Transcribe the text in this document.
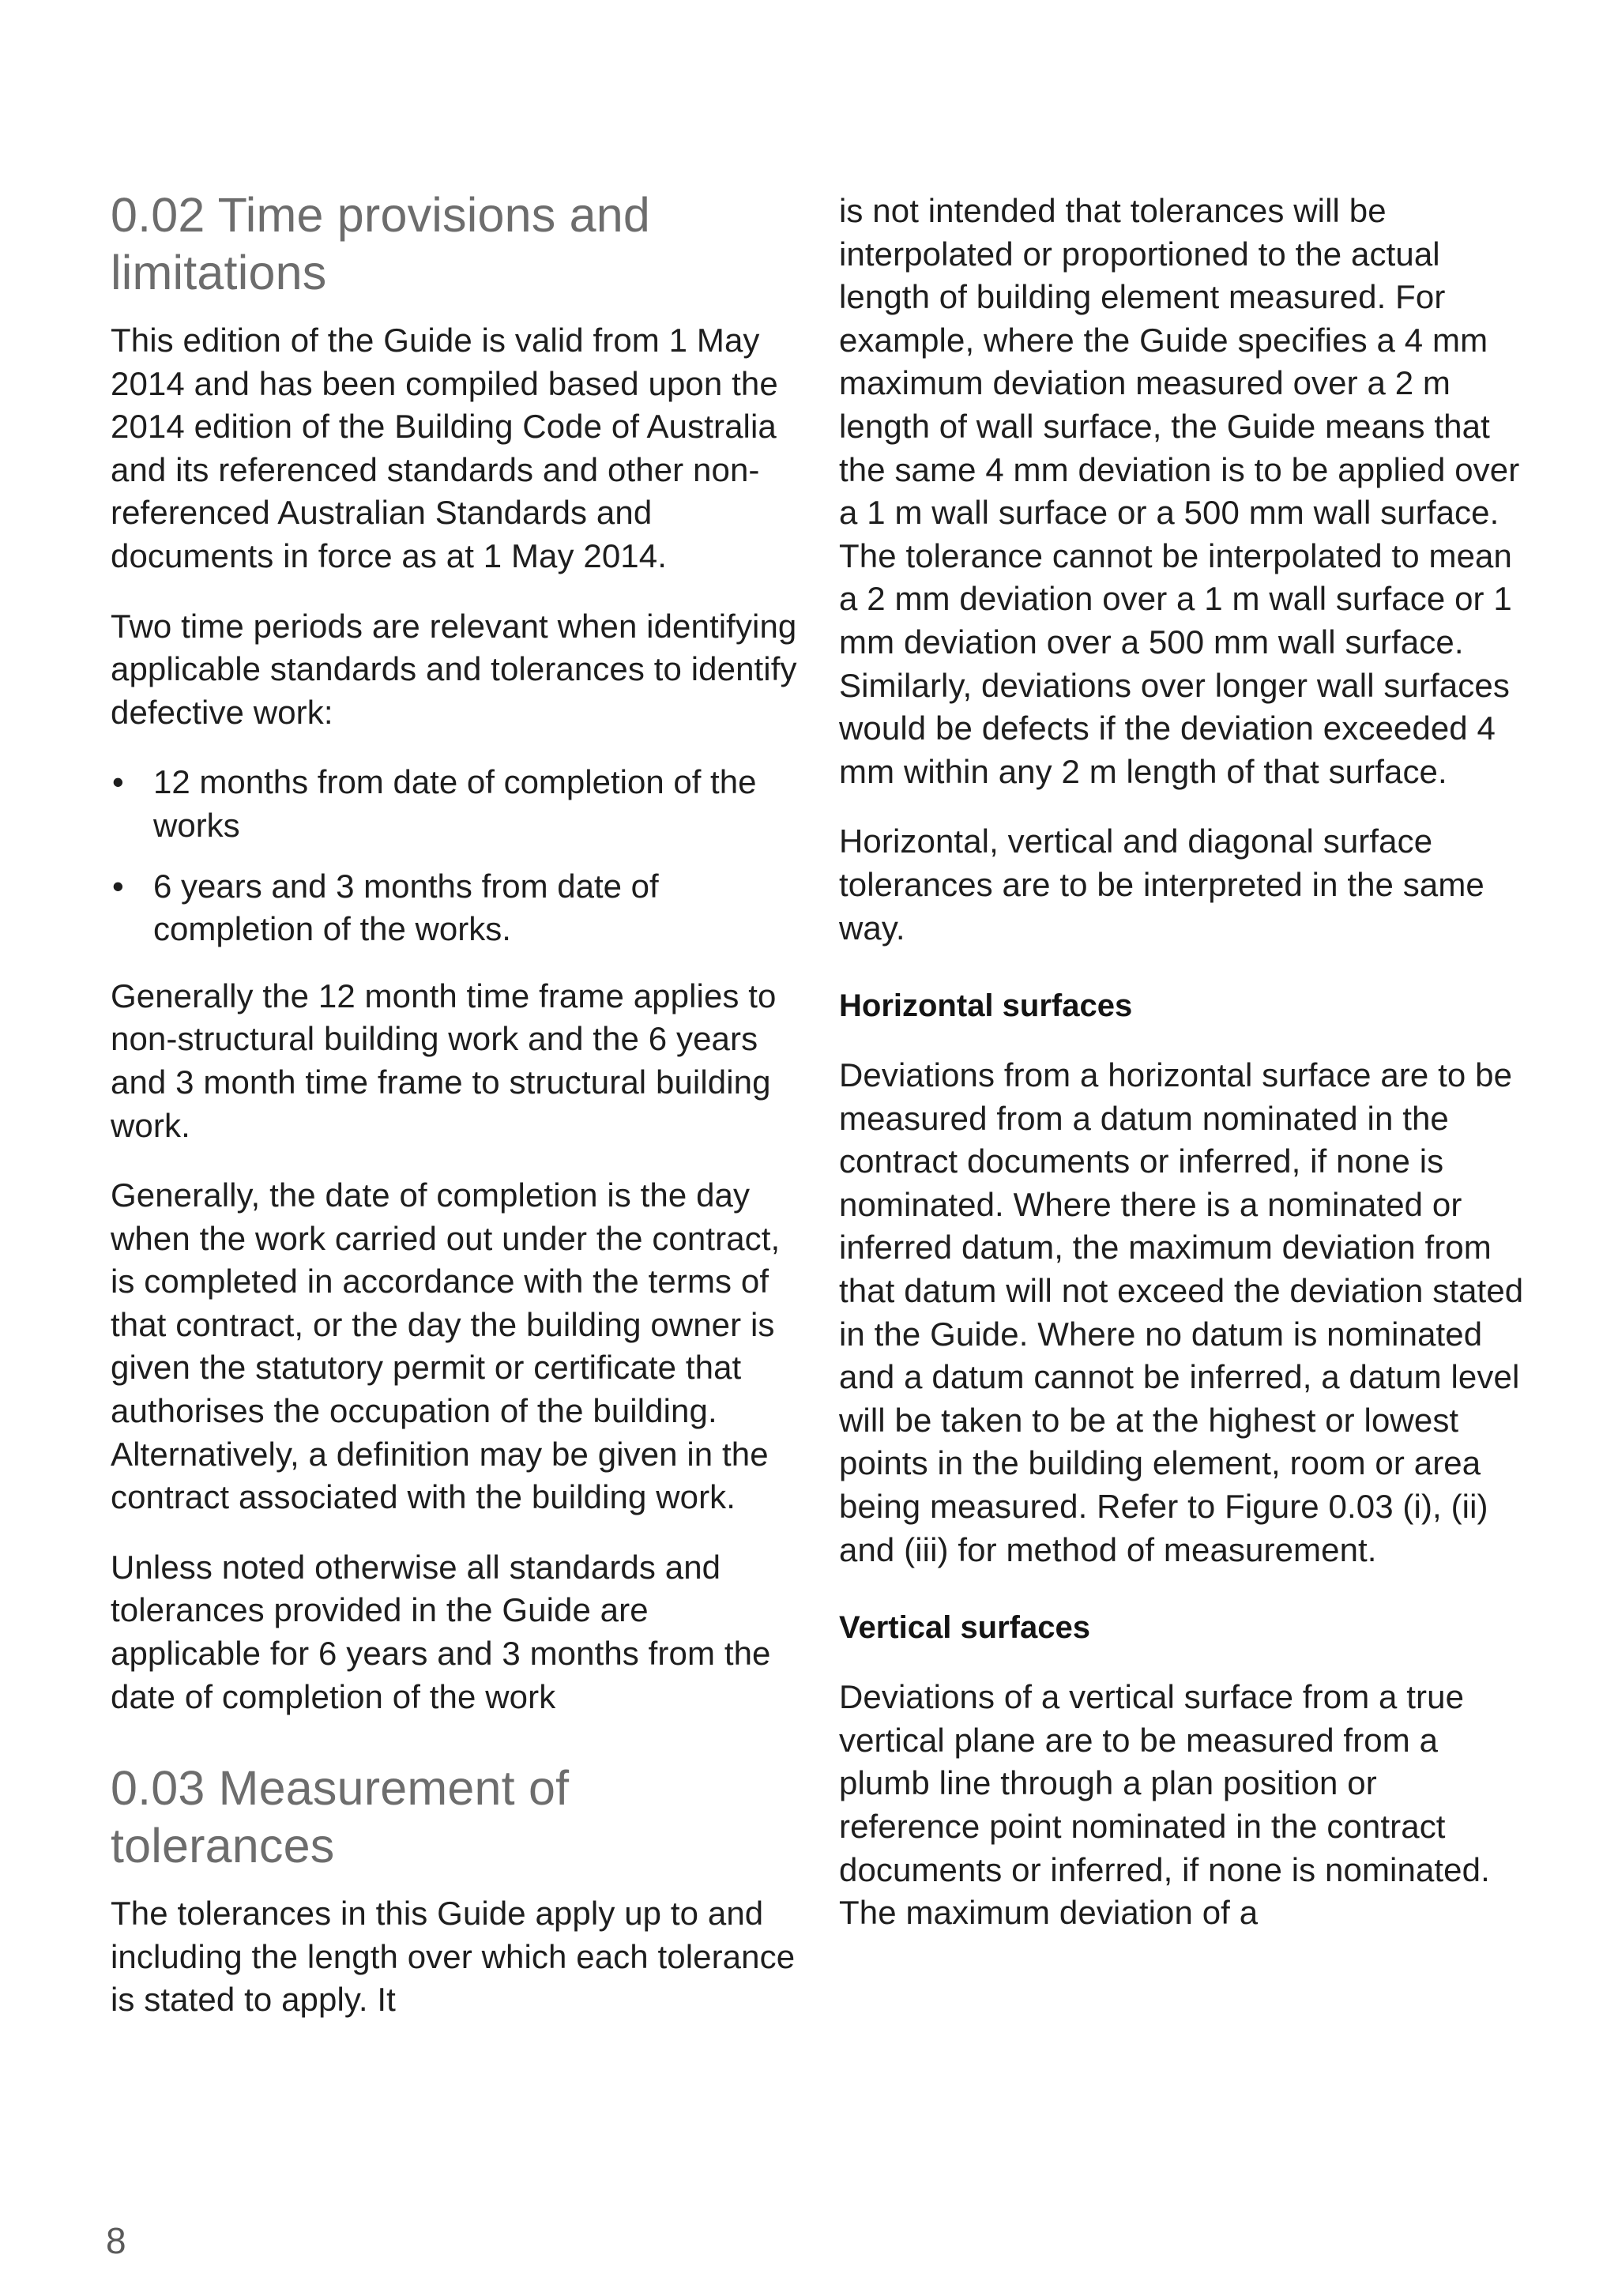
0.02 Time provisions and limitations

This edition of the Guide is valid from 1 May 2014 and has been compiled based upon the 2014 edition of the Building Code of Australia and its referenced standards and other non-referenced Australian Standards and documents in force as at 1 May 2014.

Two time periods are relevant when identifying applicable standards and tolerances to identify defective work:

• 12 months from date of completion of the works
• 6 years and 3 months from date of completion of the works.

Generally the 12 month time frame applies to non-structural building work and the 6 years and 3 month time frame to structural building work.

Generally, the date of completion is the day when the work carried out under the contract, is completed in accordance with the terms of that contract, or the day the building owner is given the statutory permit or certificate that authorises the occupation of the building. Alternatively, a definition may be given in the contract associated with the building work.

Unless noted otherwise all standards and tolerances provided in the Guide are applicable for 6 years and 3 months from the date of completion of the work

0.03 Measurement of tolerances

The tolerances in this Guide apply up to and including the length over which each tolerance is stated to apply. It

is not intended that tolerances will be interpolated or proportioned to the actual length of building element measured. For example, where the Guide specifies a 4 mm maximum deviation measured over a 2 m length of wall surface, the Guide means that the same 4 mm deviation is to be applied over a 1 m wall surface or a 500 mm wall surface. The tolerance cannot be interpolated to mean a 2 mm deviation over a 1 m wall surface or 1 mm deviation over a 500 mm wall surface. Similarly, deviations over longer wall surfaces would be defects if the deviation exceeded 4 mm within any 2 m length of that surface.

Horizontal, vertical and diagonal surface tolerances are to be interpreted in the same way.

Horizontal surfaces

Deviations from a horizontal surface are to be measured from a datum nominated in the contract documents or inferred, if none is nominated. Where there is a nominated or inferred datum, the maximum deviation from that datum will not exceed the deviation stated in the Guide. Where no datum is nominated and a datum cannot be inferred, a datum level will be taken to be at the highest or lowest points in the building element, room or area being measured. Refer to Figure 0.03 (i), (ii) and (iii) for method of measurement.

Vertical surfaces

Deviations of a vertical surface from a true vertical plane are to be measured from a plumb line through a plan position or reference point nominated in the contract documents or inferred, if none is nominated. The maximum deviation of a

8
